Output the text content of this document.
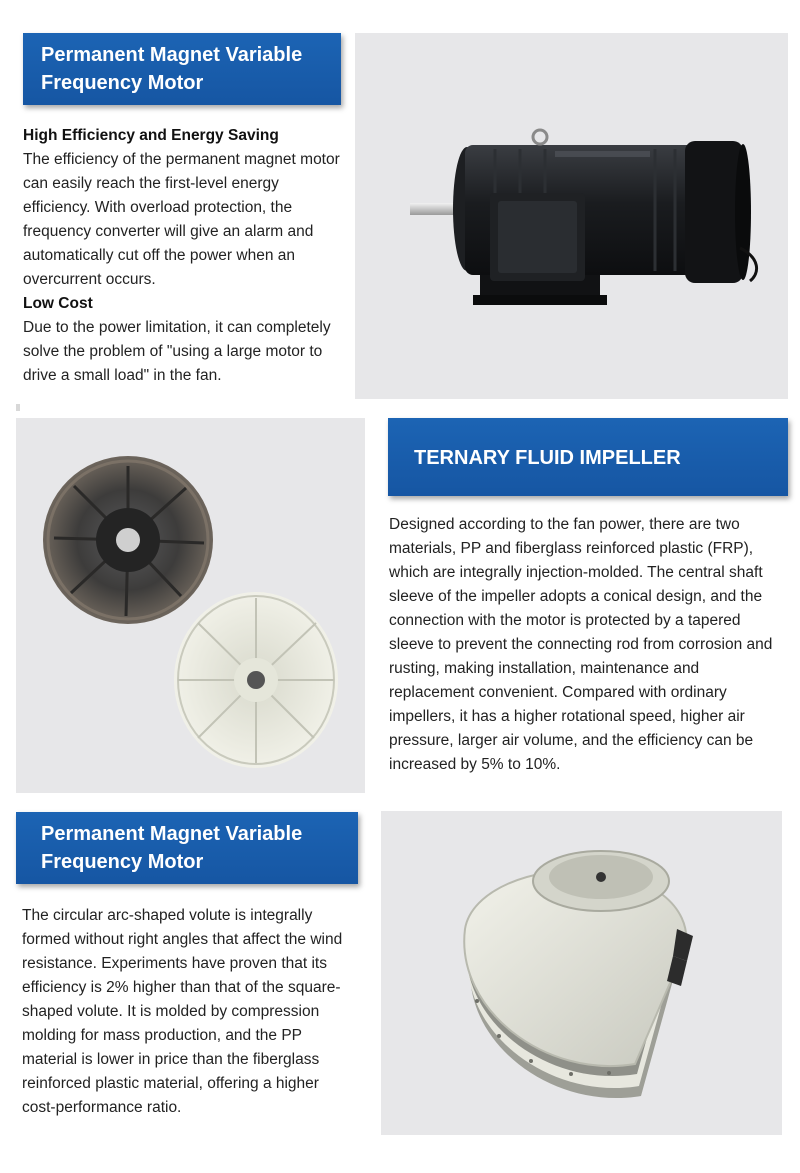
Permanent Magnet Variable
Frequency Motor
High Efficiency and Energy Saving
The efficiency of the permanent magnet motor can easily reach the first-level energy efficiency. With overload protection, the frequency converter will give an alarm and automatically cut off the power when an overcurrent occurs.
Low Cost
Due to the power limitation, it can completely solve the problem of "using a large motor to drive a small load" in the fan.
TERNARY FLUID IMPELLER
Designed according to the fan power, there are two materials, PP and fiberglass reinforced plastic (FRP), which are integrally injection-molded. The central shaft sleeve of the impeller adopts a conical design, and the connection with the motor is protected by a tapered sleeve to prevent the connecting rod from corrosion and rusting, making installation, maintenance and replacement convenient. Compared with ordinary impellers, it has a higher rotational speed, higher air pressure, larger air volume, and the efficiency can be increased by 5% to 10%.
Permanent Magnet Variable
Frequency Motor
The circular arc-shaped volute is integrally formed without right angles that affect the wind resistance. Experiments have proven that its efficiency is 2% higher than that of the square-shaped volute. It is molded by compression molding for mass production, and the PP material is lower in price than the fiberglass reinforced plastic material, offering a higher cost-performance ratio.
